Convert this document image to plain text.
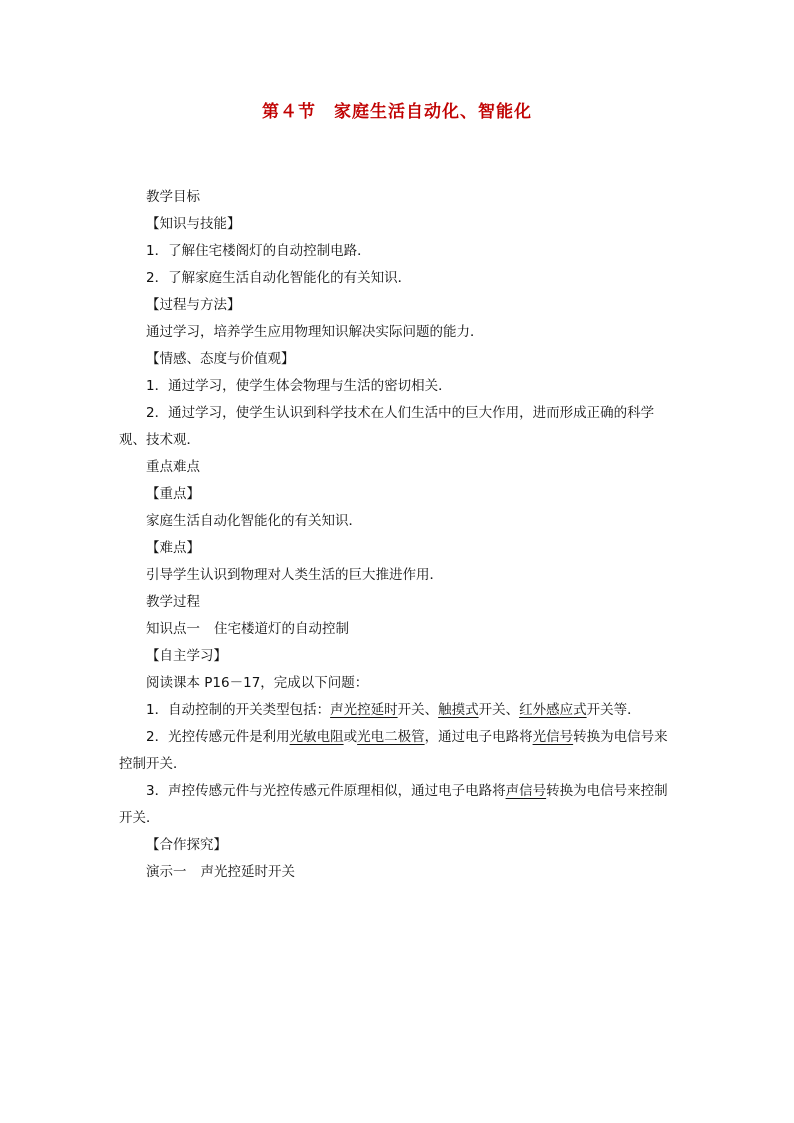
第４节 家庭生活自动化、智能化

教学目标

【知识与技能】

1．了解住宅楼阁灯的自动控制电路．

2．了解家庭生活自动化智能化的有关知识．

【过程与方法】

通过学习，培养学生应用物理知识解决实际问题的能力．

【情感、态度与价值观】

1．通过学习，使学生体会物理与生活的密切相关．

2．通过学习，使学生认识到科学技术在人们生活中的巨大作用，进而形成正确的科学观、技术观．

重点难点

【重点】

家庭生活自动化智能化的有关知识．

【难点】

引导学生认识到物理对人类生活的巨大推进作用．

教学过程

知识点一 住宅楼道灯的自动控制

【自主学习】

阅读课本 P16－17，完成以下问题：

1．自动控制的开关类型包括：声光控延时开关、触摸式开关、红外感应式开关等．

2．光控传感元件是利用光敏电阻或光电二极管，通过电子电路将光信号转换为电信号来控制开关．

3．声控传感元件与光控传感元件原理相似，通过电子电路将声信号转换为电信号来控制开关．

【合作探究】

演示一 声光控延时开关
